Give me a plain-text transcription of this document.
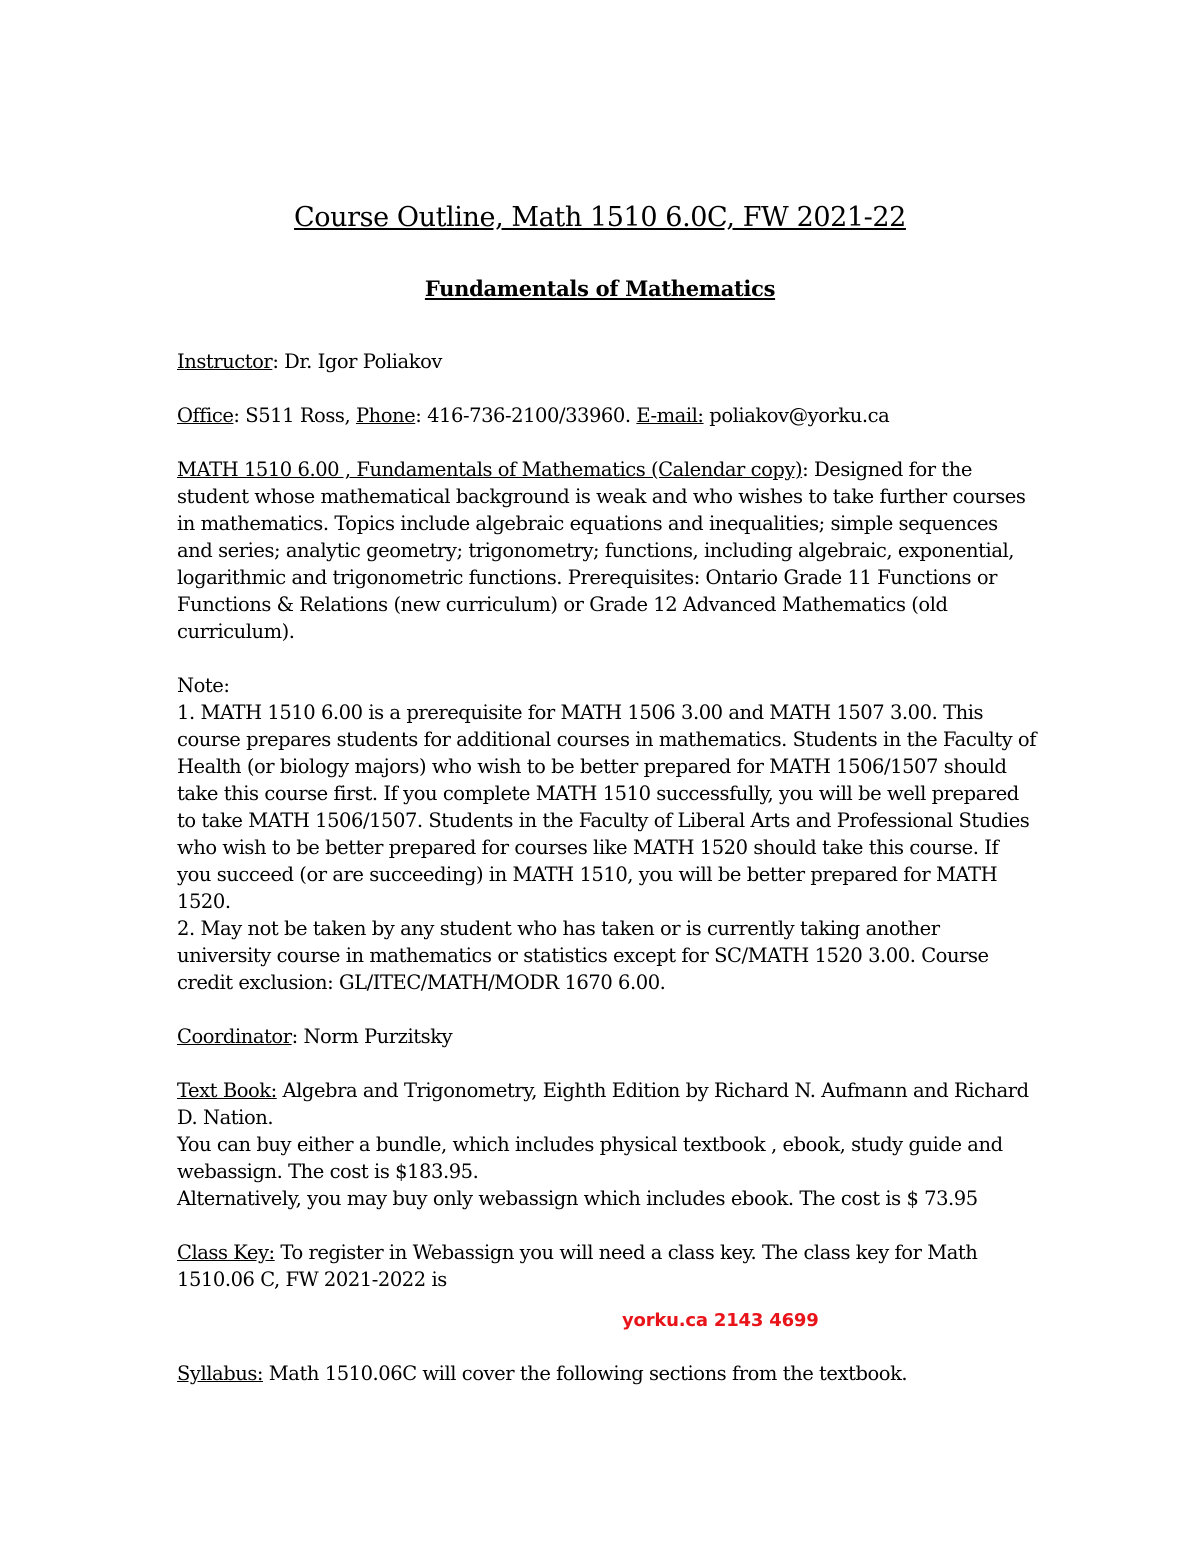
Course Outline, Math 1510 6.0C, FW 2021-22
Fundamentals of Mathematics

Instructor: Dr. Igor Poliakov

Office: S511 Ross, Phone: 416-736-2100/33960. E-mail: poliakov@yorku.ca

MATH 1510 6.00 , Fundamentals of Mathematics (Calendar copy): Designed for the student whose mathematical background is weak and who wishes to take further courses in mathematics. Topics include algebraic equations and inequalities; simple sequences and series; analytic geometry; trigonometry; functions, including algebraic, exponential, logarithmic and trigonometric functions. Prerequisites: Ontario Grade 11 Functions or Functions & Relations (new curriculum) or Grade 12 Advanced Mathematics (old curriculum).

Note:
1. MATH 1510 6.00 is a prerequisite for MATH 1506 3.00 and MATH 1507 3.00. This course prepares students for additional courses in mathematics. Students in the Faculty of Health (or biology majors) who wish to be better prepared for MATH 1506/1507 should take this course first. If you complete MATH 1510 successfully, you will be well prepared to take MATH 1506/1507. Students in the Faculty of Liberal Arts and Professional Studies who wish to be better prepared for courses like MATH 1520 should take this course. If you succeed (or are succeeding) in MATH 1510, you will be better prepared for MATH 1520.
2. May not be taken by any student who has taken or is currently taking another university course in mathematics or statistics except for SC/MATH 1520 3.00. Course credit exclusion: GL/ITEC/MATH/MODR 1670 6.00.

Coordinator: Norm Purzitsky

Text Book: Algebra and Trigonometry, Eighth Edition by Richard N. Aufmann and Richard D. Nation.
You can buy either a bundle, which includes physical textbook , ebook, study guide and webassign. The cost is $183.95.
Alternatively, you may buy only webassign which includes ebook. The cost is $ 73.95

Class Key: To register in Webassign you will need a class key. The class key for Math 1510.06 C, FW 2021-2022 is

yorku.ca 2143 4699
Syllabus: Math 1510.06C will cover the following sections from the textbook.
